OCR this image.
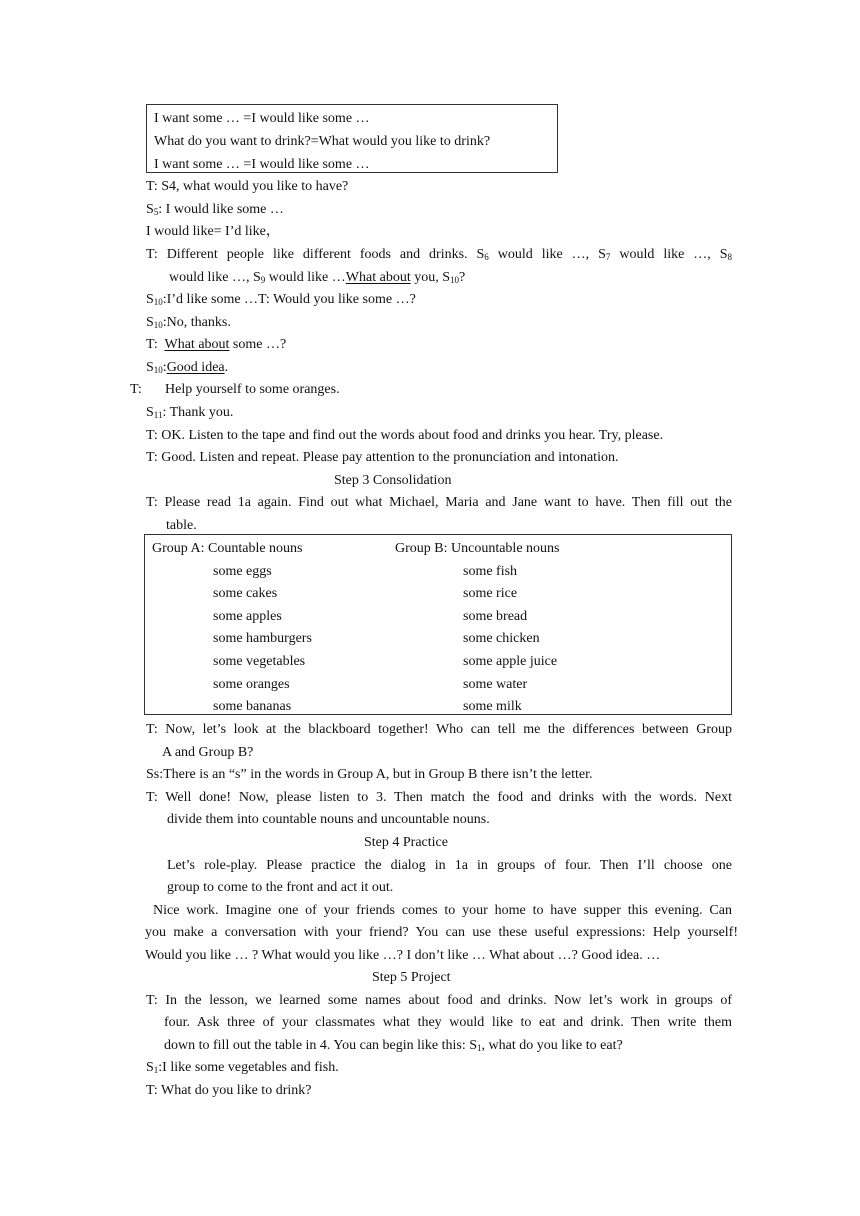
I want some … =I would like some …
What do you want to drink?=What would you like to drink?
I want some … =I would like some …
T: S4, what would you like to have?
$S_5$: I would like some …
I would like= I’d like，
T: Different people like different foods and drinks. $S_6$ would like …, $S_7$ would like …, $S_8$
would like …, $S_9$ would like …What about you, $S_{10}$?
$S_{10}:I’d$ like some …T: Would you like some …?
$S_{10}:No$, thanks.
T:  What about some …?
$S_{10}:Good$ idea.
T: Help yourself to some oranges.
$S_{11}$: Thank you.
T: OK. Listen to the tape and find out the words about food and drinks you hear. Try, please.
T: Good. Listen and repeat. Please pay attention to the pronunciation and intonation.
Step 3 Consolidation
T: Please read 1a again. Find out what Michael, Maria and Jane want to have. Then fill out the
table.
Group A: Countable nouns	Group B: Uncountable nouns
some eggs
some cakes
some apples
some hamburgers
some vegetables
some oranges
some bananas
some fish
some rice
some bread
some chicken
some apple juice
some water
some milk
T: Now, let’s look at the blackboard together! Who can tell me the differences between Group
A and Group B?
Ss:There is an “s” in the words in Group A, but in Group B there isn’t the letter.
T: Well done! Now, please listen to 3. Then match the food and drinks with the words. Next
divide them into countable nouns and uncountable nouns.
Step 4 Practice
Let’s role-play. Please practice the dialog in 1a in groups of four. Then I’ll choose one
group to come to the front and act it out.
Nice work. Imagine one of your friends comes to your home to have supper this evening. Can
you make a conversation with your friend? You can use these useful expressions: Help yourself!
Would you like … ? What would you like …? I don’t like … What about …? Good idea. …
Step 5 Project
T: In the lesson, we learned some names about food and drinks. Now let’s work in groups of
four. Ask three of your classmates what they would like to eat and drink. Then write them
down to fill out the table in 4. You can begin like this: $S_1$, what do you like to eat?
$S_1:I$ like some vegetables and fish.
T: What do you like to drink?
